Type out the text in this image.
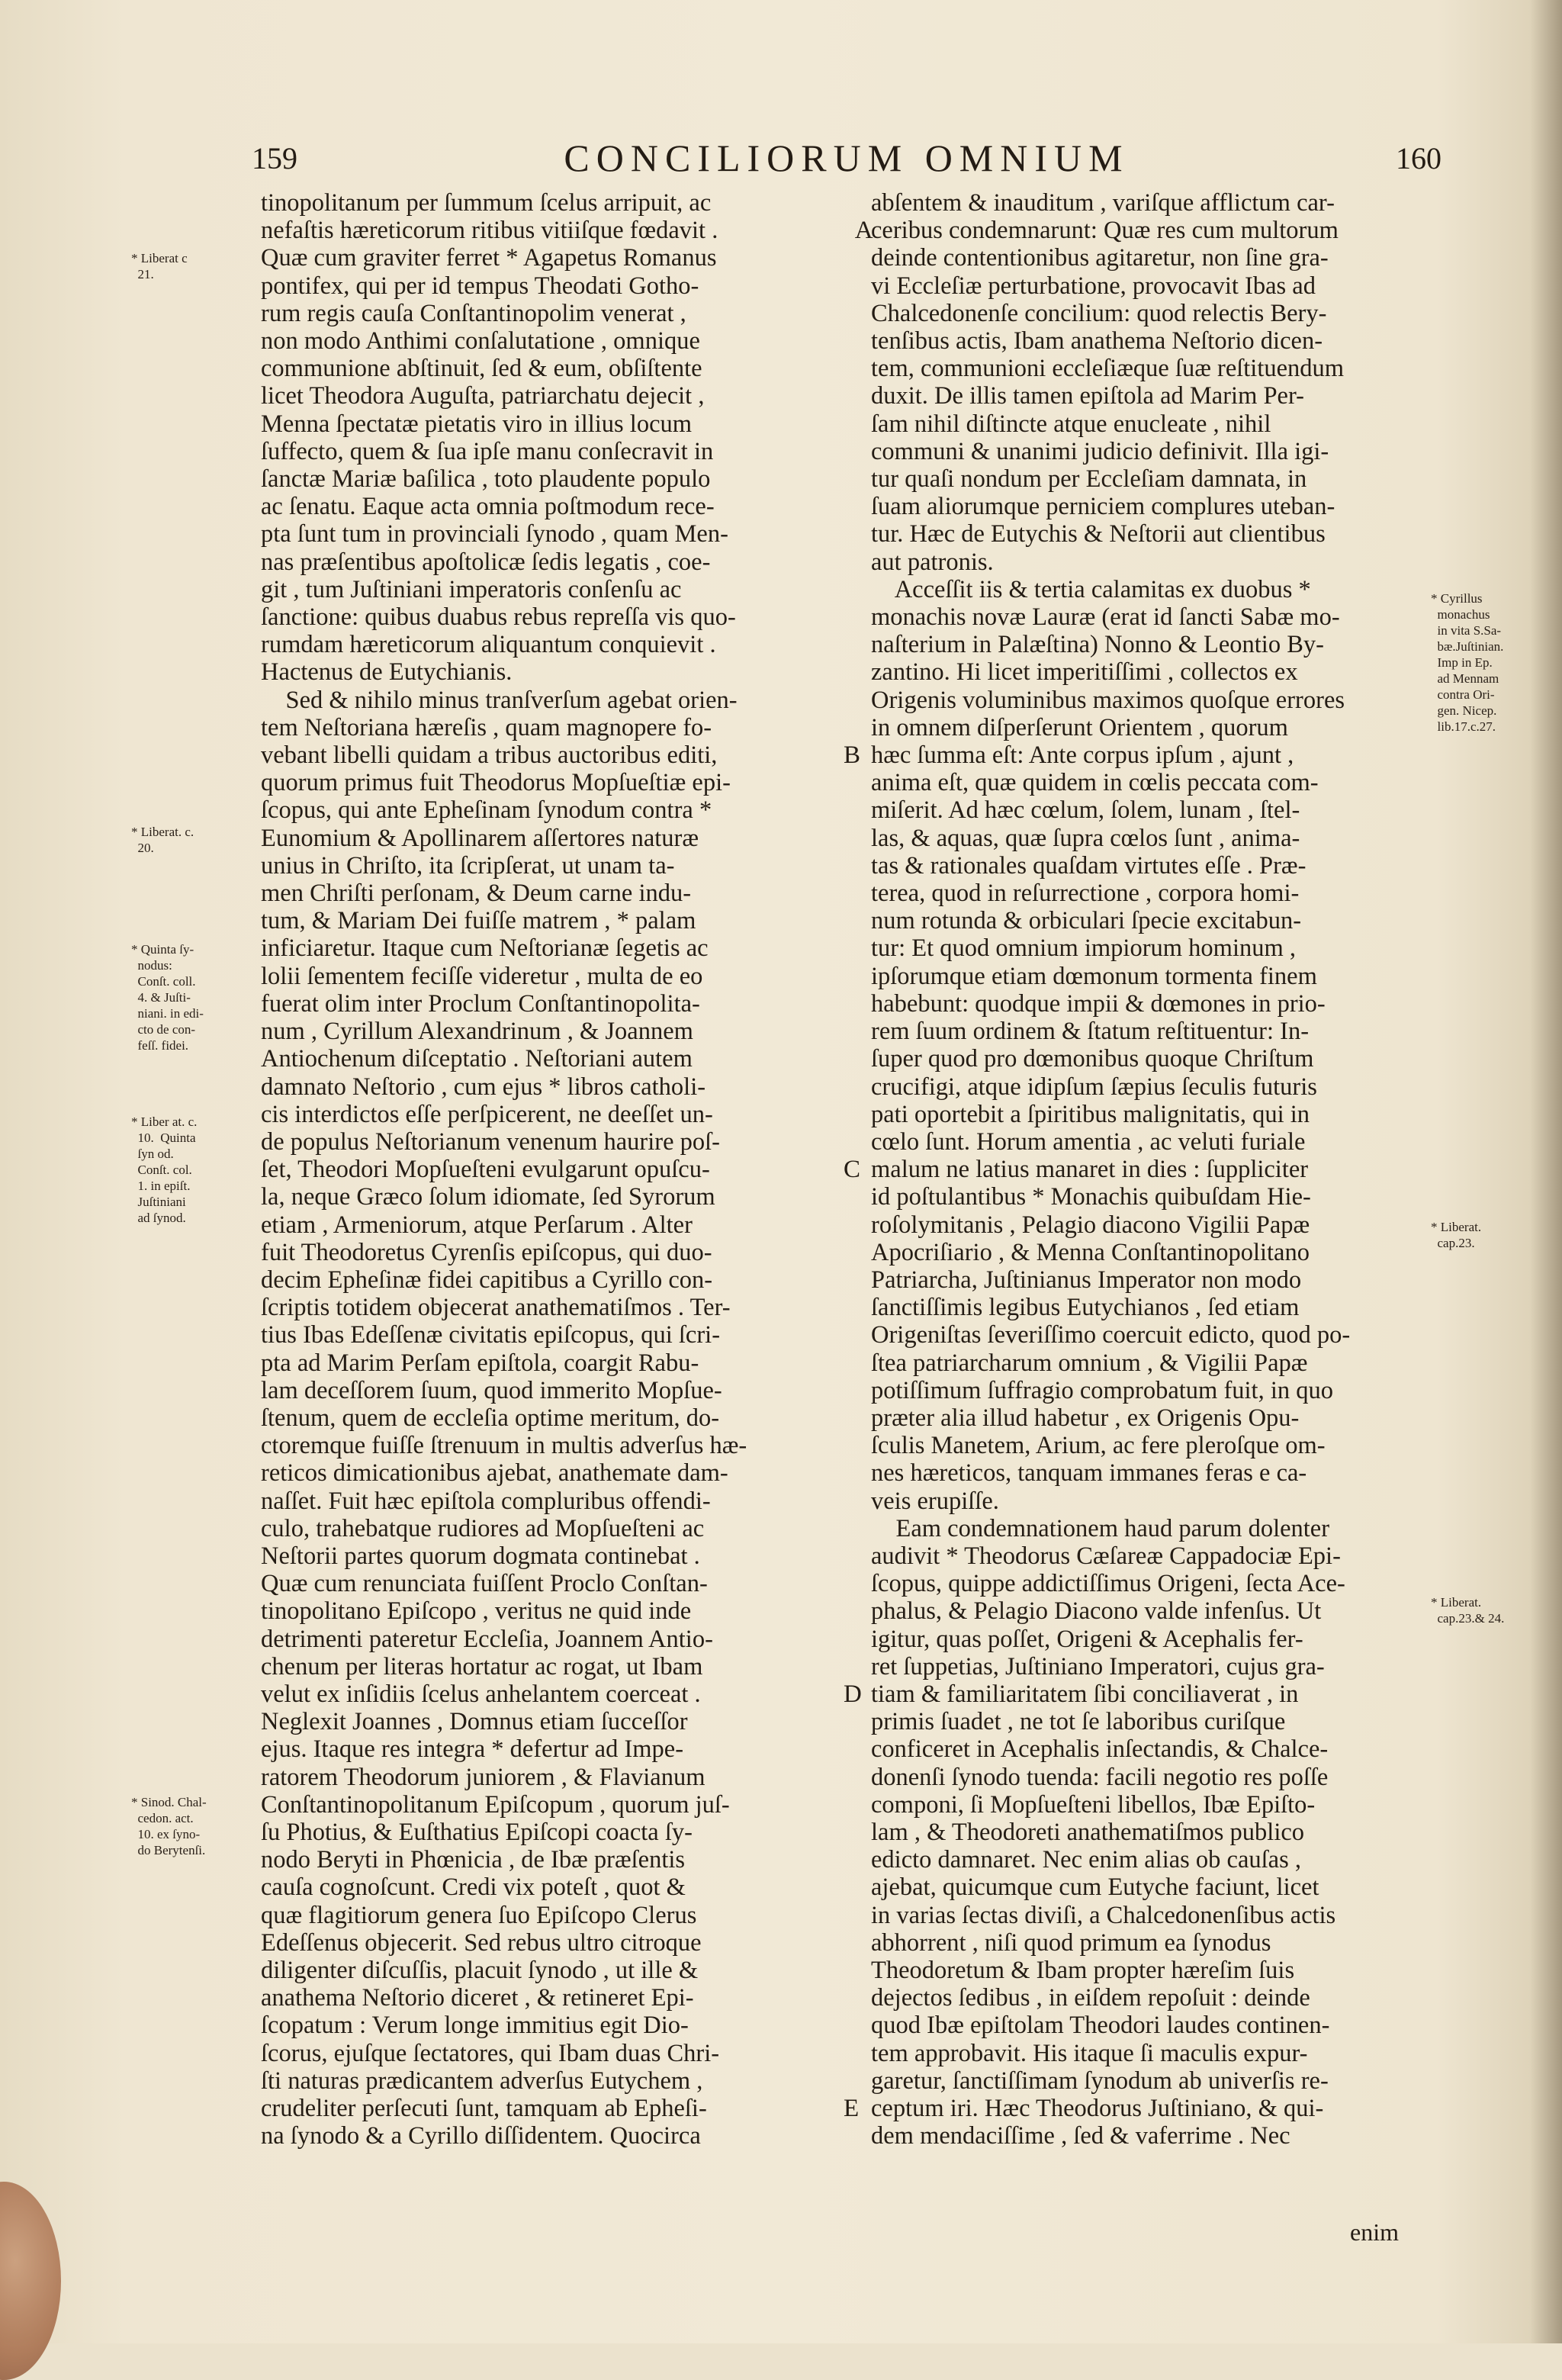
159	CONCILIORUM OMNIUM	160
tinopolitanum per ſummum ſcelus arripuit, ac
nefaſtis hæreticorum ritibus vitiiſque fœdavit .
Quæ cum graviter ferret * Agapetus Romanus
pontifex, qui per id tempus Theodati Gotho-
rum regis cauſa Conſtantinopolim venerat ,
non modo Anthimi conſalutatione , omnique
communione abſtinuit, ſed & eum, obſiſtente
licet Theodora Auguſta, patriarchatu dejecit ,
Menna ſpectatæ pietatis viro in illius locum
ſuffecto, quem & ſua ipſe manu conſecravit in
ſanctæ Mariæ baſilica , toto plaudente populo
ac ſenatu. Eaque acta omnia poſtmodum rece-
pta ſunt tum in provinciali ſynodo , quam Men-
nas præſentibus apoſtolicæ ſedis legatis , coe-
git , tum Juſtiniani imperatoris conſenſu ac
ſanctione: quibus duabus rebus repreſſa vis quo-
rumdam hæreticorum aliquantum conquievit .
Hactenus de Eutychianis.
Sed & nihilo minus tranſverſum agebat orien-
tem Neſtoriana hæreſis , quam magnopere fo-
vebant libelli quidam a tribus auctoribus editi,
quorum primus fuit Theodorus Mopſueſtiæ epi-
ſcopus, qui ante Epheſinam ſynodum contra *
Eunomium & Apollinarem aſſertores naturæ
unius in Chriſto, ita ſcripſerat, ut unam ta-
men Chriſti perſonam, & Deum carne indu-
tum, & Mariam Dei fuiſſe matrem , * palam
inficiaretur. Itaque cum Neſtorianæ ſegetis ac
lolii ſementem feciſſe videretur , multa de eo
fuerat olim inter Proclum Conſtantinopolita-
num , Cyrillum Alexandrinum , & Joannem
Antiochenum diſceptatio . Neſtoriani autem
damnato Neſtorio , cum ejus * libros catholi-
cis interdictos eſſe perſpicerent, ne deeſſet un-
de populus Neſtorianum venenum haurire poſ-
ſet, Theodori Mopſueſteni evulgarunt opuſcu-
la, neque Græco ſolum idiomate, ſed Syrorum
etiam , Armeniorum, atque Perſarum . Alter
fuit Theodoretus Cyrenſis epiſcopus, qui duo-
decim Epheſinæ fidei capitibus a Cyrillo con-
ſcriptis totidem objecerat anathematiſmos . Ter-
tius Ibas Edeſſenæ civitatis epiſcopus, qui ſcri-
pta ad Marim Perſam epiſtola, coargit Rabu-
lam deceſſorem ſuum, quod immerito Mopſue-
ſtenum, quem de eccleſia optime meritum, do-
ctoremque fuiſſe ſtrenuum in multis adverſus hæ-
reticos dimicationibus ajebat, anathemate dam-
naſſet. Fuit hæc epiſtola compluribus offendi-
culo, trahebatque rudiores ad Mopſueſteni ac
Neſtorii partes quorum dogmata continebat .
Quæ cum renunciata fuiſſent Proclo Conſtan-
tinopolitano Epiſcopo , veritus ne quid inde
detrimenti pateretur Eccleſia, Joannem Antio-
chenum per literas hortatur ac rogat, ut Ibam
velut ex inſidiis ſcelus anhelantem coerceat .
Neglexit Joannes , Domnus etiam ſucceſſor
ejus. Itaque res integra * defertur ad Impe-
ratorem Theodorum juniorem , & Flavianum
Conſtantinopolitanum Epiſcopum , quorum juſ-
ſu Photius, & Euſthatius Epiſcopi coacta ſy-
nodo Beryti in Phœnicia , de Ibæ præſentis
cauſa cognoſcunt. Credi vix poteſt , quot &
quæ flagitiorum genera ſuo Epiſcopo Clerus
Edeſſenus objecerit. Sed rebus ultro citroque
diligenter diſcuſſis, placuit ſynodo , ut ille &
anathema Neſtorio diceret , & retineret Epi-
ſcopatum : Verum longe immitius egit Dio-
ſcorus, ejuſque ſectatores, qui Ibam duas Chri-
ſti naturas prædicantem adverſus Eutychem ,
crudeliter perſecuti ſunt, tamquam ab Epheſi-
na ſynodo & a Cyrillo diſſidentem. Quocirca
abſentem & inauditum , variſque afflictum car-
ceribus condemnarunt: Quæ res cum multorum
deinde contentionibus agitaretur, non ſine gra-
vi Eccleſiæ perturbatione, provocavit Ibas ad
Chalcedonenſe concilium: quod relectis Bery-
tenſibus actis, Ibam anathema Neſtorio dicen-
tem, communioni eccleſiæque ſuæ reſtituendum
duxit. De illis tamen epiſtola ad Marim Per-
ſam nihil diſtincte atque enucleate , nihil
communi & unanimi judicio definivit. Illa igi-
tur quaſi nondum per Eccleſiam damnata, in
ſuam aliorumque perniciem complures uteban-
tur. Hæc de Eutychis & Neſtorii aut clientibus
aut patronis.
Acceſſit iis & tertia calamitas ex duobus *
monachis novæ Lauræ (erat id ſancti Sabæ mo-
naſterium in Palæſtina) Nonno & Leontio By-
zantino. Hi licet imperitiſſimi , collectos ex
Origenis voluminibus maximos quoſque errores
in omnem diſperſerunt Orientem , quorum
hæc ſumma eſt: Ante corpus ipſum , ajunt ,
anima eſt, quæ quidem in cœlis peccata com-
miſerit. Ad hæc cœlum, ſolem, lunam , ſtel-
las, & aquas, quæ ſupra cœlos ſunt , anima-
tas & rationales quaſdam virtutes eſſe . Præ-
terea, quod in reſurrectione , corpora homi-
num rotunda & orbiculari ſpecie excitabun-
tur: Et quod omnium impiorum hominum ,
ipſorumque etiam dœmonum tormenta finem
habebunt: quodque impii & dœmones in prio-
rem ſuum ordinem & ſtatum reſtituentur: In-
ſuper quod pro dœmonibus quoque Chriſtum
crucifigi, atque idipſum ſæpius ſeculis futuris
pati oportebit a ſpiritibus malignitatis, qui in
cœlo ſunt. Horum amentia , ac veluti furiale
malum ne latius manaret in dies : ſuppliciter
id poſtulantibus * Monachis quibuſdam Hie-
roſolymitanis , Pelagio diacono Vigilii Papæ
Apocriſiario , & Menna Conſtantinopolitano
Patriarcha, Juſtinianus Imperator non modo
ſanctiſſimis legibus Eutychianos , ſed etiam
Origeniſtas ſeveriſſimo coercuit edicto, quod po-
ſtea patriarcharum omnium , & Vigilii Papæ
potiſſimum ſuffragio comprobatum fuit, in quo
præter alia illud habetur , ex Origenis Opu-
ſculis Manetem, Arium, ac fere pleroſque om-
nes hæreticos, tanquam immanes feras e ca-
veis erupiſſe.
Eam condemnationem haud parum dolenter
audivit * Theodorus Cæſareæ Cappadociæ Epi-
ſcopus, quippe addictiſſimus Origeni, ſecta Ace-
phalus, & Pelagio Diacono valde infenſus. Ut
igitur, quas poſſet, Origeni & Acephalis fer-
ret ſuppetias, Juſtiniano Imperatori, cujus gra-
tiam & familiaritatem ſibi conciliaverat , in
primis ſuadet , ne tot ſe laboribus curiſque
conficeret in Acephalis inſectandis, & Chalce-
donenſi ſynodo tuenda: facili negotio res poſſe
componi, ſi Mopſueſteni libellos, Ibæ Epiſto-
lam , & Theodoreti anathematiſmos publico
edicto damnaret. Nec enim alias ob cauſas ,
ajebat, quicumque cum Eutyche faciunt, licet
in varias ſectas diviſi, a Chalcedonenſibus actis
abhorrent , niſi quod primum ea ſynodus
Theodoretum & Ibam propter hæreſim ſuis
dejectos ſedibus , in eiſdem repoſuit : deinde
quod Ibæ epiſtolam Theodori laudes continen-
tem approbavit. His itaque ſi maculis expur-
garetur, ſanctiſſimam ſynodum ab univerſis re-
ceptum iri. Hæc Theodorus Juſtiniano, & qui-
dem mendaciſſime , ſed & vaferrime . Nec

A

B

C

D

E

* Liberat c
21.
* Liberat. c.
20.
* Quinta ſy-
nodus:
Conſt. coll.
4. & Juſti-
niani. in edi-
cto de con-
feſſ. fidei.
* Liber at. c.
10.  Quinta
ſyn od.
Conſt. col.
1. in epiſt.
Juſtiniani
ad ſynod.
* Sinod. Chal-
cedon. act.
10. ex ſyno-
do Berytenſi.
* Cyrillus
monachus
in vita S.Sa-
bæ.Juſtinian.
Imp in Ep.
ad Mennam
contra Ori-
gen. Nicep.
lib.17.c.27.
* Liberat.
cap.23.
* Liberat.
cap.23.& 24.
enim
